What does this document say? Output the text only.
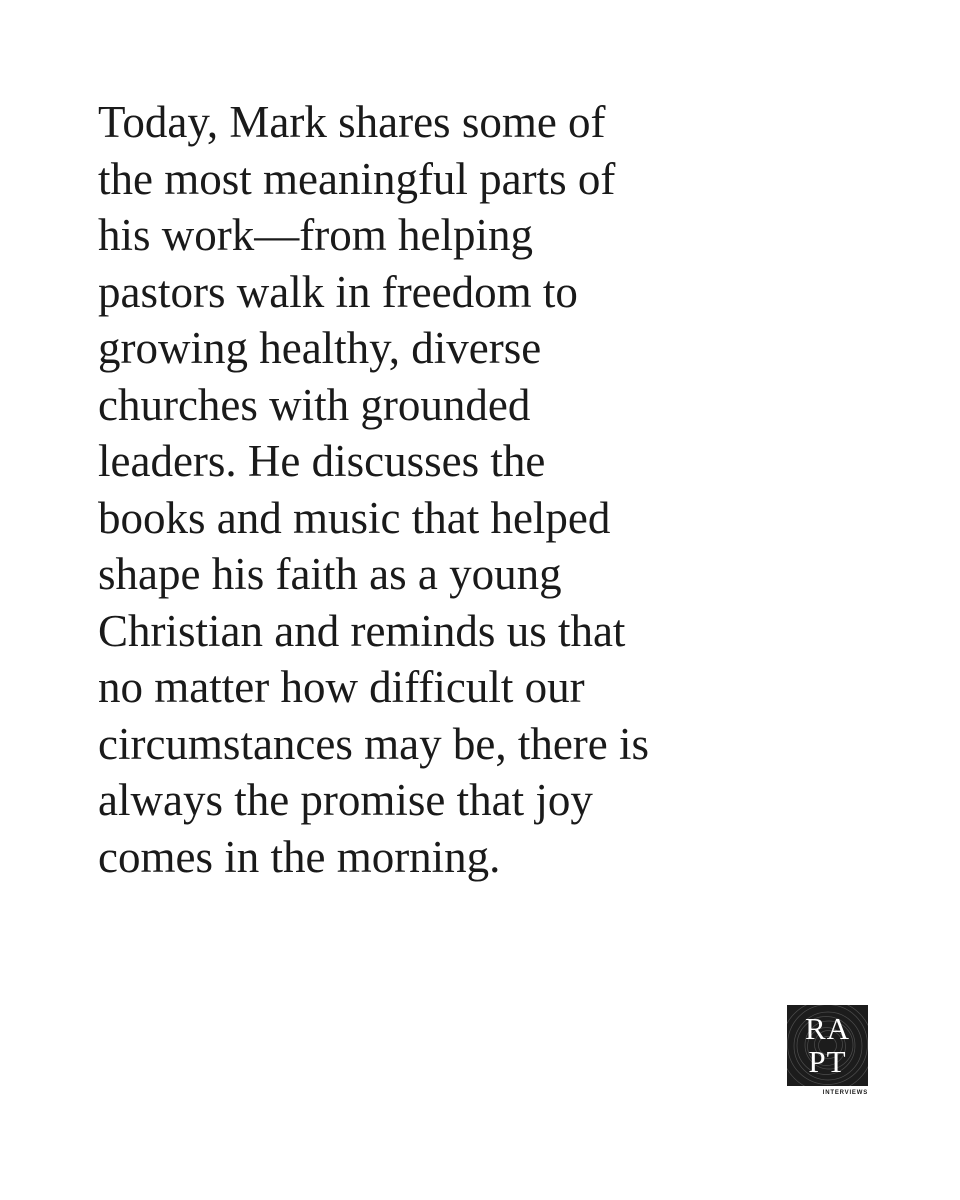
Today, Mark shares some of
the most meaningful parts of
his work—from helping
pastors walk in freedom to
growing healthy, diverse
churches with grounded
leaders. He discusses the
books and music that helped
shape his faith as a young
Christian and reminds us that
no matter how difficult our
circumstances may be, there is
always the promise that joy
comes in the morning.

RA
PT
INTERVIEWS
